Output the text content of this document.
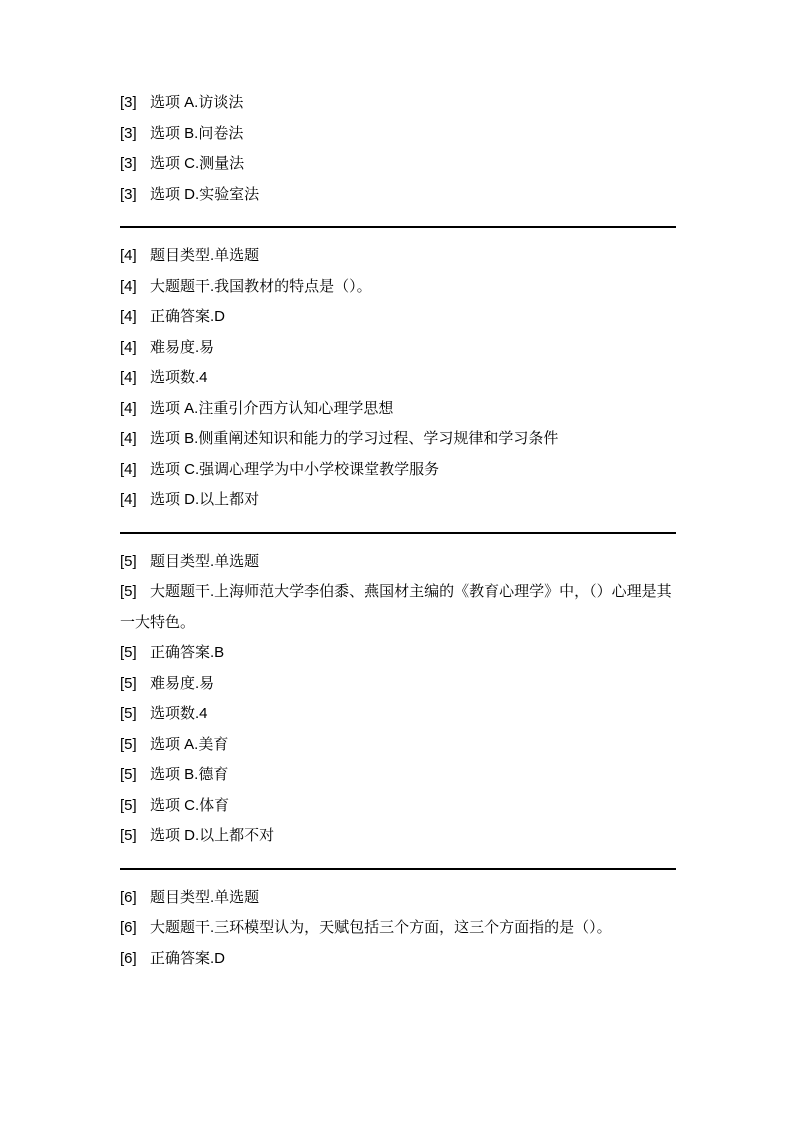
[3] 选项 A.访谈法
[3] 选项 B.问卷法
[3] 选项 C.测量法
[3] 选项 D.实验室法
[4] 题目类型.单选题
[4] 大题题干.我国教材的特点是（）。
[4] 正确答案.D
[4] 难易度.易
[4] 选项数.4
[4] 选项 A.注重引介西方认知心理学思想
[4] 选项 B.侧重阐述知识和能力的学习过程、学习规律和学习条件
[4] 选项 C.强调心理学为中小学校课堂教学服务
[4] 选项 D.以上都对
[5] 题目类型.单选题
[5] 大题题干.上海师范大学李伯黍、燕国材主编的《教育心理学》中，（）心理是其一大特色。
[5] 正确答案.B
[5] 难易度.易
[5] 选项数.4
[5] 选项 A.美育
[5] 选项 B.德育
[5] 选项 C.体育
[5] 选项 D.以上都不对
[6] 题目类型.单选题
[6] 大题题干.三环模型认为，天赋包括三个方面，这三个方面指的是（）。
[6] 正确答案.D
